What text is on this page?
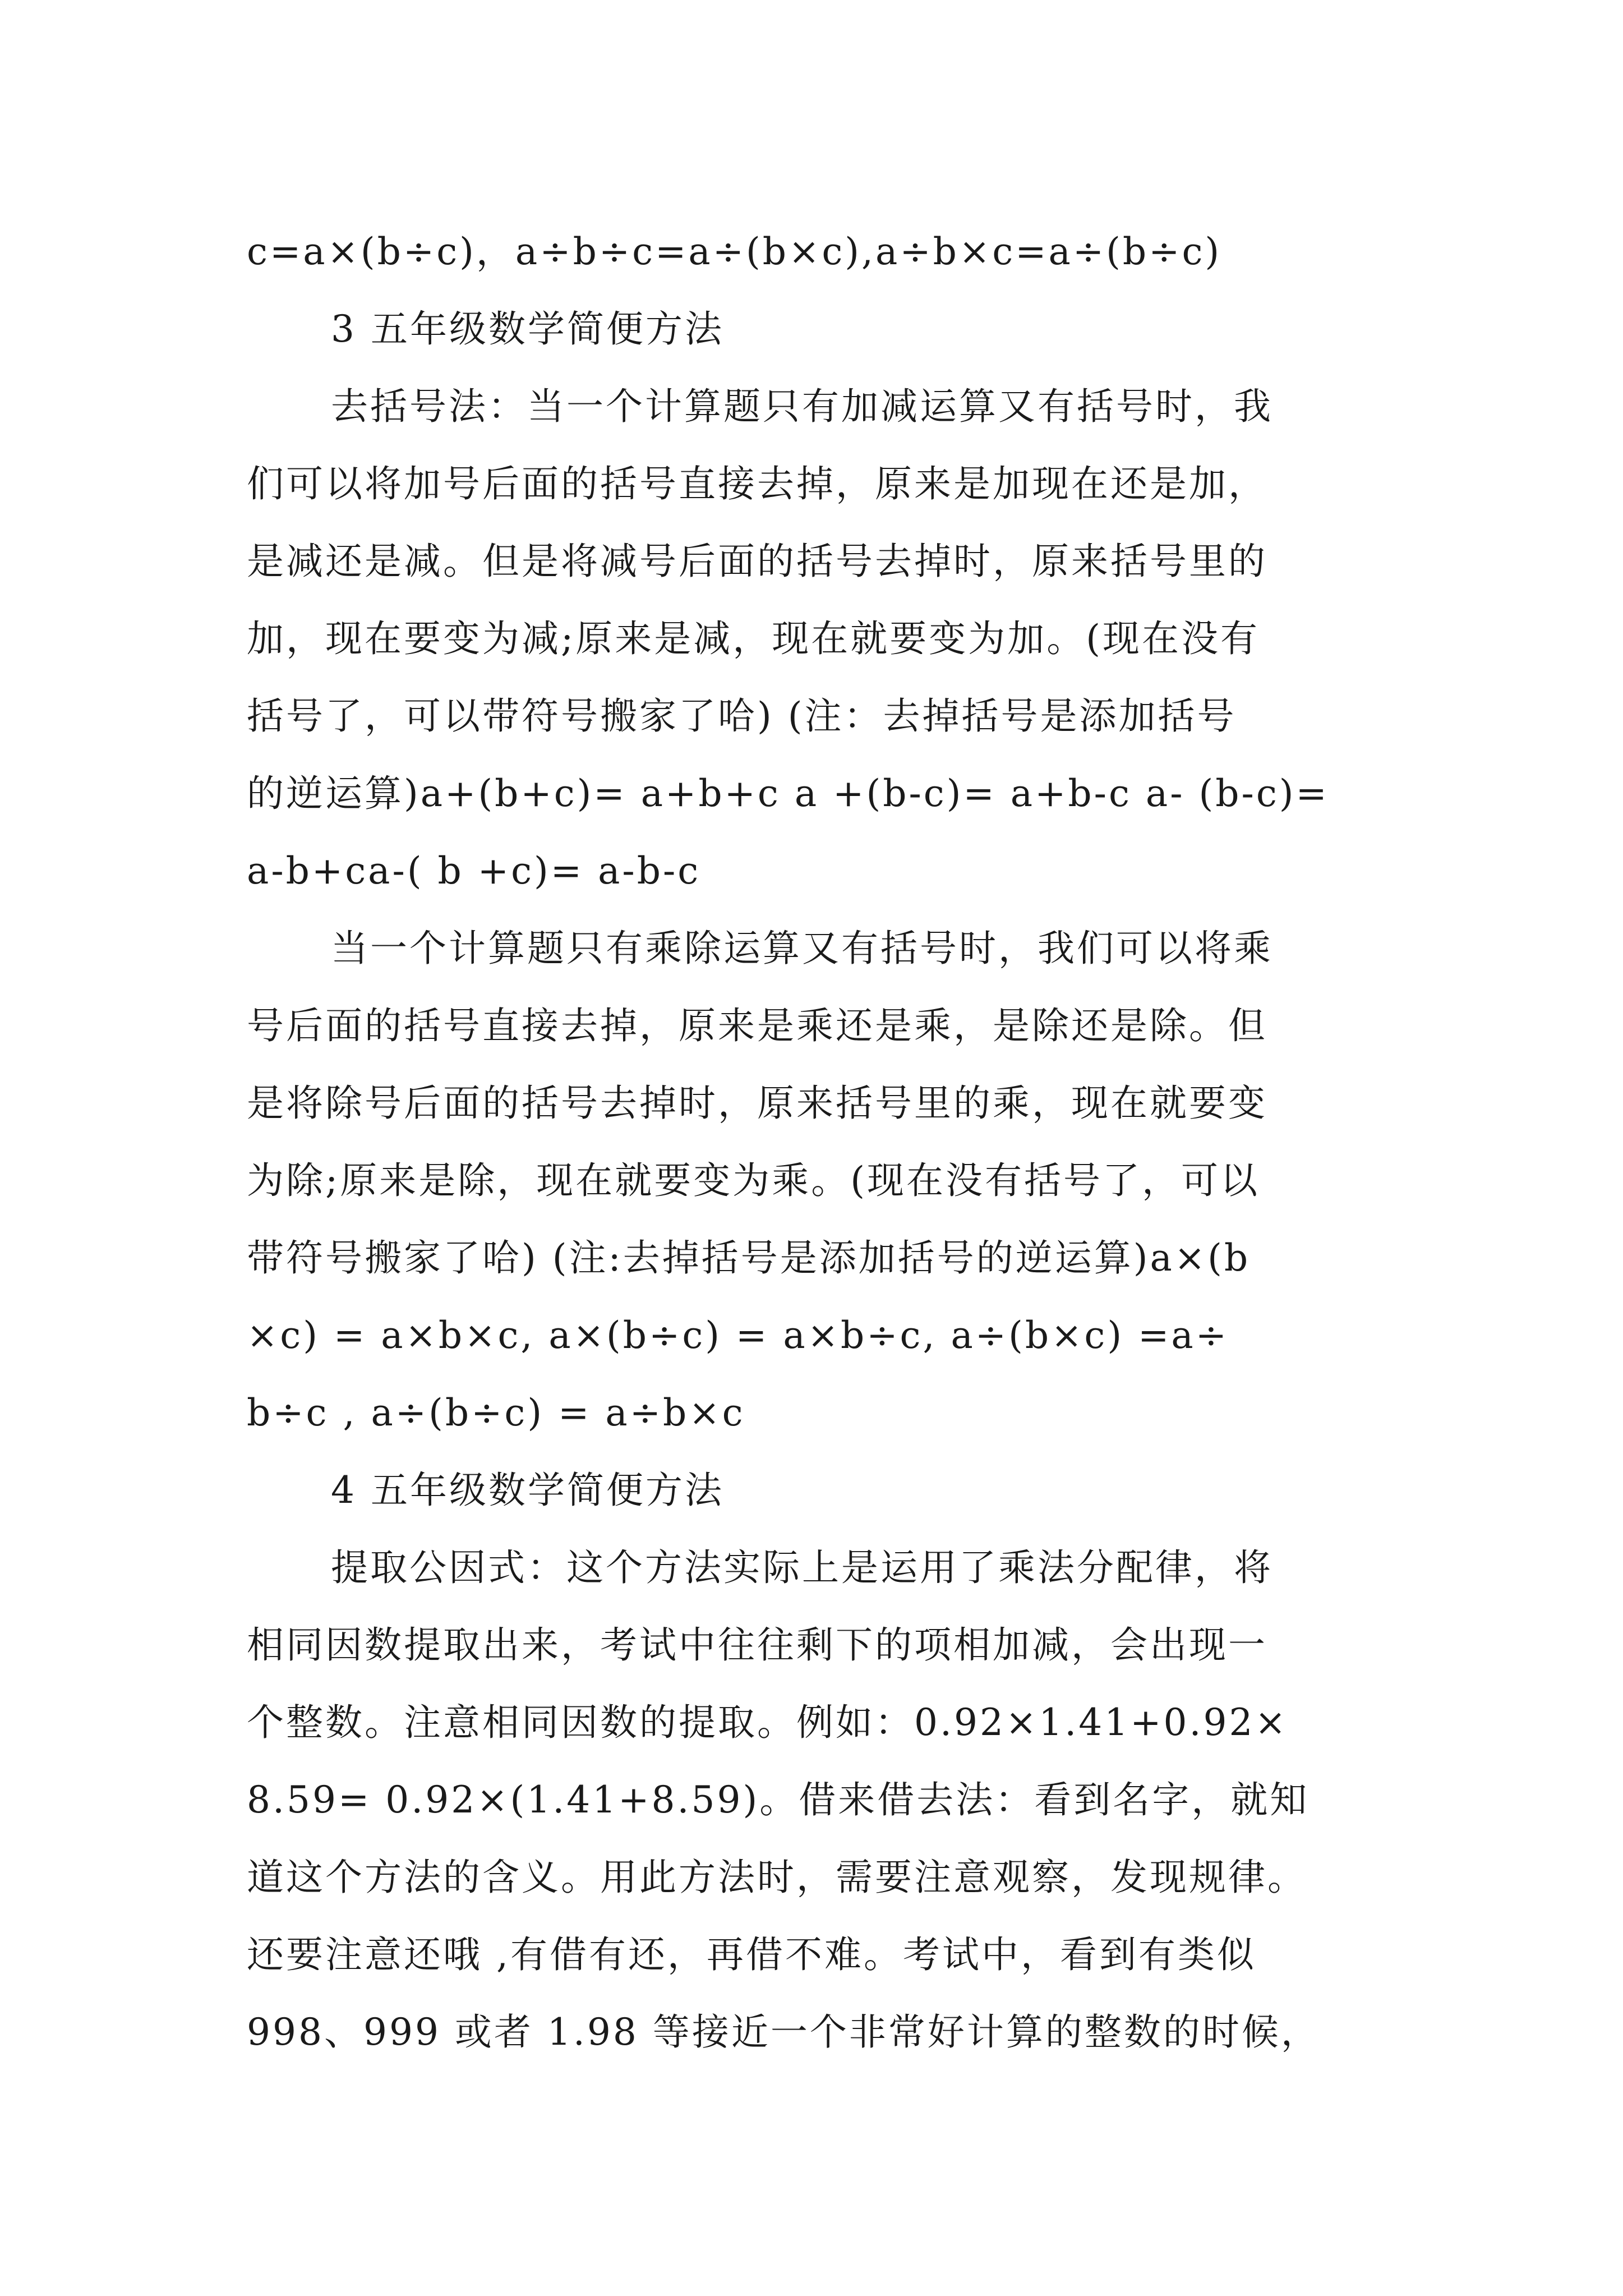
c=a×(b÷c)，a÷b÷c=a÷(b×c),a÷b×c=a÷(b÷c)
3 五年级数学简便方法
去括号法：当一个计算题只有加减运算又有括号时，我
们可以将加号后面的括号直接去掉，原来是加现在还是加，
是减还是减。但是将减号后面的括号去掉时，原来括号里的
加，现在要变为减;原来是减，现在就要变为加。(现在没有
括号了，可以带符号搬家了哈) (注：去掉括号是添加括号
的逆运算)a+(b+c)= a+b+c a +(b-c)= a+b-c a- (b-c)=
a-b+ca-( b +c)= a-b-c
当一个计算题只有乘除运算又有括号时，我们可以将乘
号后面的括号直接去掉，原来是乘还是乘，是除还是除。但
是将除号后面的括号去掉时，原来括号里的乘，现在就要变
为除;原来是除，现在就要变为乘。(现在没有括号了，可以
带符号搬家了哈) (注:去掉括号是添加括号的逆运算)a×(b
×c) = a×b×c, a×(b÷c) = a×b÷c, a÷(b×c) =a÷
b÷c , a÷(b÷c) = a÷b×c
4 五年级数学简便方法
提取公因式：这个方法实际上是运用了乘法分配律，将
相同因数提取出来，考试中往往剩下的项相加减，会出现一
个整数。注意相同因数的提取。例如：0.92×1.41+0.92×
8.59= 0.92×(1.41+8.59)。借来借去法：看到名字，就知
道这个方法的含义。用此方法时，需要注意观察，发现规律。
还要注意还哦 ,有借有还，再借不难。考试中，看到有类似
998、999 或者 1.98 等接近一个非常好计算的整数的时候，
